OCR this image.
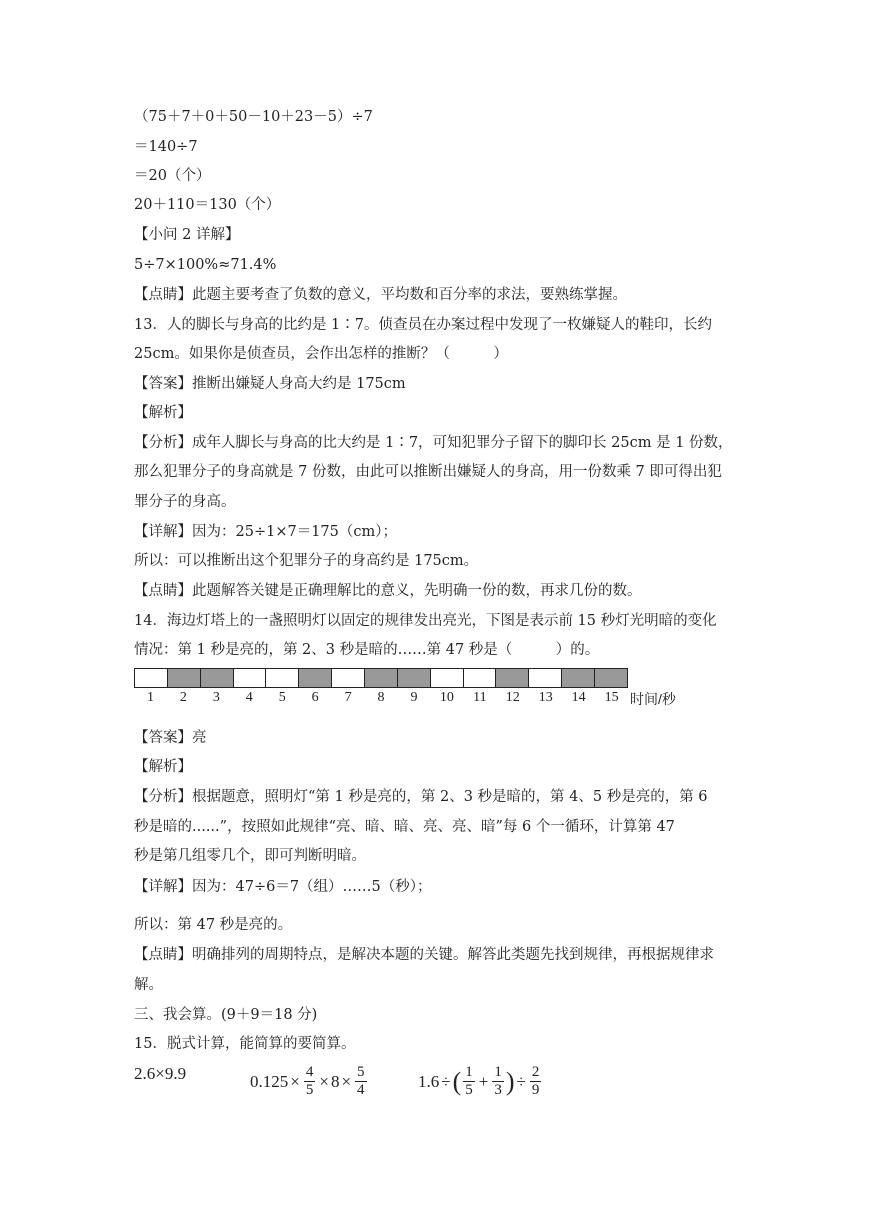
（75＋7＋0＋50－10＋23－5）÷7
＝140÷7
＝20（个）
20＋110＝130（个）
【小问 2 详解】
5÷7×100%≈71.4%
【点睛】此题主要考查了负数的意义，平均数和百分率的求法，要熟练掌握。
13．人的脚长与身高的比约是 1∶7。侦查员在办案过程中发现了一枚嫌疑人的鞋印，长约
25cm。如果你是侦查员，会作出怎样的推断？（　　　）
【答案】推断出嫌疑人身高大约是 175cm
【解析】
【分析】成年人脚长与身高的比大约是 1∶7，可知犯罪分子留下的脚印长 25cm 是 1 份数，
那么犯罪分子的身高就是 7 份数，由此可以推断出嫌疑人的身高，用一份数乘 7 即可得出犯
罪分子的身高。
【详解】因为：25÷1×7＝175（cm）；
所以：可以推断出这个犯罪分子的身高约是 175cm。
【点睛】此题解答关键是正确理解比的意义，先明确一份的数，再求几份的数。
14．海边灯塔上的一盏照明灯以固定的规律发出亮光，下图是表示前 15 秒灯光明暗的变化
情况：第 1 秒是亮的，第 2、3 秒是暗的……第 47 秒是（　　　）的。
【答案】亮
【解析】
【分析】根据题意，照明灯“第 1 秒是亮的，第 2、3 秒是暗的，第 4、5 秒是亮的，第 6
秒是暗的......”，按照如此规律“亮、暗、暗、亮、亮、暗”每 6 个一循环，计算第 47
秒是第几组零几个，即可判断明暗。
【详解】因为：47÷6＝7（组）……5（秒）；
所以：第 47 秒是亮的。
【点睛】明确排列的周期特点，是解决本题的关键。解答此类题先找到规律，再根据规律求
解。
三、我会算。(9＋9＝18 分)
15．脱式计算，能简算的要简算。
1	2	3	4	5	6	7	8	9	10	11	12	13	14	15 时间/秒
2.6×9.9	$0.125 \times \frac{4}{5} \times 8 \times \frac{5}{4}$	1.6 ÷ ( $\frac{1}{5} + \frac{1}{3}$ ) ÷ $\frac{2}{9}$
